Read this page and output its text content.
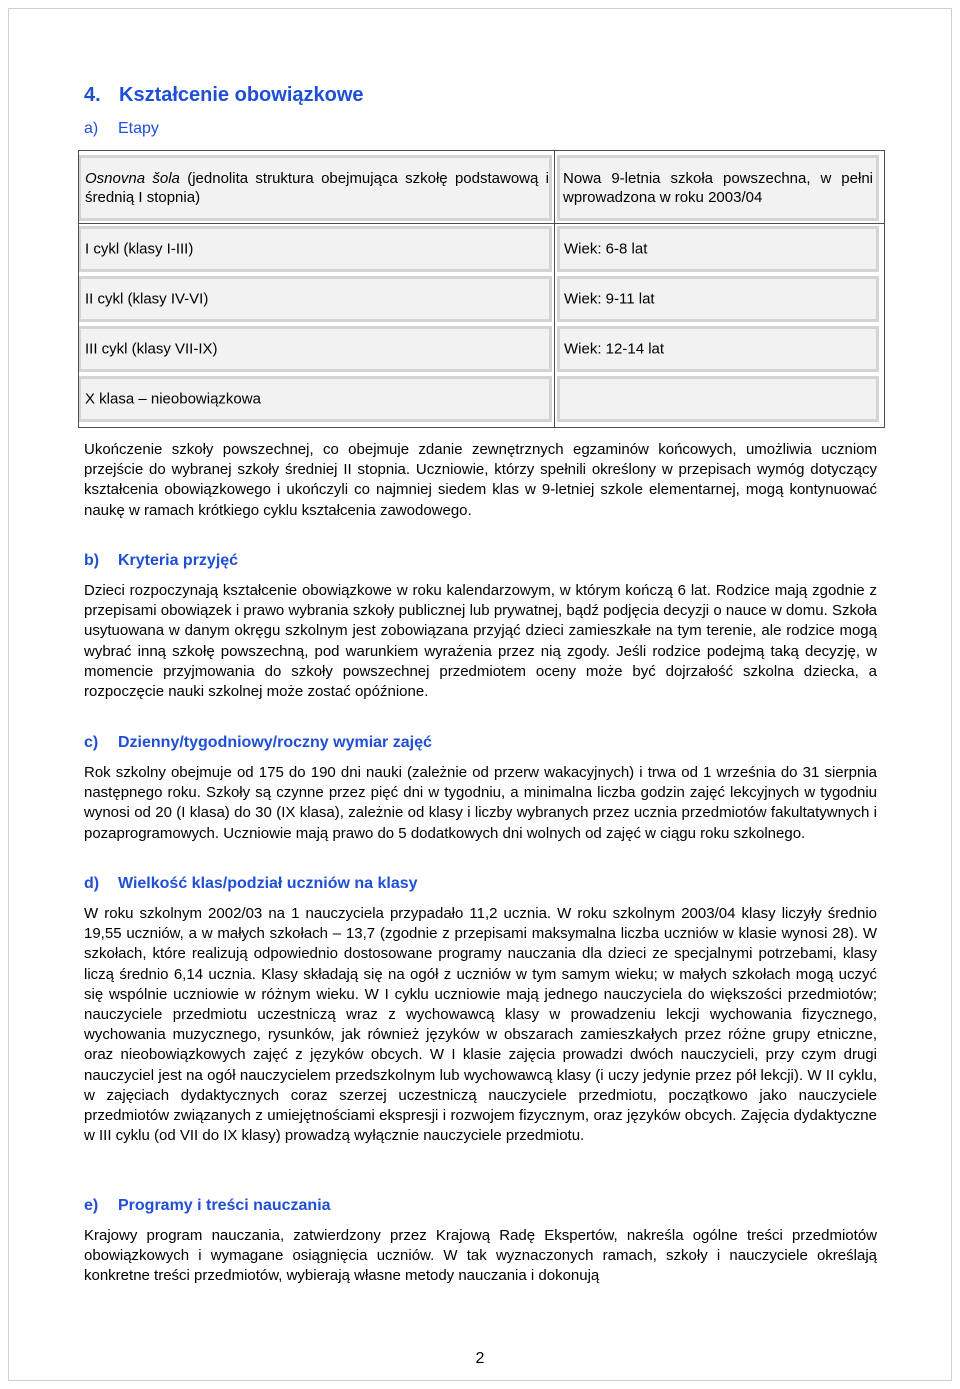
4. Kształcenie obowiązkowe
a) Etapy
Osnovna šola (jednolita struktura obejmująca szkołę podstawową i średnią I stopnia)
Nowa 9-letnia szkoła powszechna, w pełni wprowadzona w roku 2003/04
I cykl (klasy I-III)
II cykl (klasy IV-VI)
III cykl (klasy VII-IX)
X klasa – nieobowiązkowa
Wiek: 6-8 lat
Wiek: 9-11 lat
Wiek: 12-14 lat

Ukończenie szkoły powszechnej, co obejmuje zdanie zewnętrznych egzaminów końcowych, umożliwia uczniom przejście do wybranej szkoły średniej II stopnia. Uczniowie, którzy spełnili określony w przepisach wymóg dotyczący kształcenia obowiązkowego i ukończyli co najmniej siedem klas w 9-letniej szkole elementarnej, mogą kontynuować naukę w ramach krótkiego cyklu kształcenia zawodowego.

b) Kryteria przyjęć

Dzieci rozpoczynają kształcenie obowiązkowe w roku kalendarzowym, w którym kończą 6 lat. Rodzice mają zgodnie z przepisami obowiązek i prawo wybrania szkoły publicznej lub prywatnej, bądź podjęcia decyzji o nauce w domu. Szkoła usytuowana w danym okręgu szkolnym jest zobowiązana przyjąć dzieci zamieszkałe na tym terenie, ale rodzice mogą wybrać inną szkołę powszechną, pod warunkiem wyrażenia przez nią zgody. Jeśli rodzice podejmą taką decyzję, w momencie przyjmowania do szkoły powszechnej przedmiotem oceny może być dojrzałość szkolna dziecka, a rozpoczęcie nauki szkolnej może zostać opóźnione.

c) Dzienny/tygodniowy/roczny wymiar zajęć

Rok szkolny obejmuje od 175 do 190 dni nauki (zależnie od przerw wakacyjnych) i trwa od 1 września do 31 sierpnia następnego roku. Szkoły są czynne przez pięć dni w tygodniu, a minimalna liczba godzin zajęć lekcyjnych w tygodniu wynosi od 20 (I klasa) do 30 (IX klasa), zależnie od klasy i liczby wybranych przez ucznia przedmiotów fakultatywnych i pozaprogramowych. Uczniowie mają prawo do 5 dodatkowych dni wolnych od zajęć w ciągu roku szkolnego.

d) Wielkość klas/podział uczniów na klasy

W roku szkolnym 2002/03 na 1 nauczyciela przypadało 11,2 ucznia. W roku szkolnym 2003/04 klasy liczyły średnio 19,55 uczniów, a w małych szkołach – 13,7 (zgodnie z przepisami maksymalna liczba uczniów w klasie wynosi 28). W szkołach, które realizują odpowiednio dostosowane programy nauczania dla dzieci ze specjalnymi potrzebami, klasy liczą średnio 6,14 ucznia. Klasy składają się na ogół z uczniów w tym samym wieku; w małych szkołach mogą uczyć się wspólnie uczniowie w różnym wieku. W I cyklu uczniowie mają jednego nauczyciela do większości przedmiotów; nauczyciele przedmiotu uczestniczą wraz z wychowawcą klasy w prowadzeniu lekcji wychowania fizycznego, wychowania muzycznego, rysunków, jak również języków w obszarach zamieszkałych przez różne grupy etniczne, oraz nieobowiązkowych zajęć z języków obcych. W I klasie zajęcia prowadzi dwóch nauczycieli, przy czym drugi nauczyciel jest na ogół nauczycielem przedszkolnym lub wychowawcą klasy (i uczy jedynie przez pół lekcji). W II cyklu, w zajęciach dydaktycznych coraz szerzej uczestniczą nauczyciele przedmiotu, początkowo jako nauczyciele przedmiotów związanych z umiejętnościami ekspresji i rozwojem fizycznym, oraz języków obcych. Zajęcia dydaktyczne w III cyklu (od VII do IX klasy) prowadzą wyłącznie nauczyciele przedmiotu.

e) Programy i treści nauczania

Krajowy program nauczania, zatwierdzony przez Krajową Radę Ekspertów, nakreśla ogólne treści przedmiotów obowiązkowych i wymagane osiągnięcia uczniów. W tak wyznaczonych ramach, szkoły i nauczyciele określają konkretne treści przedmiotów, wybierają własne metody nauczania i dokonują

2
